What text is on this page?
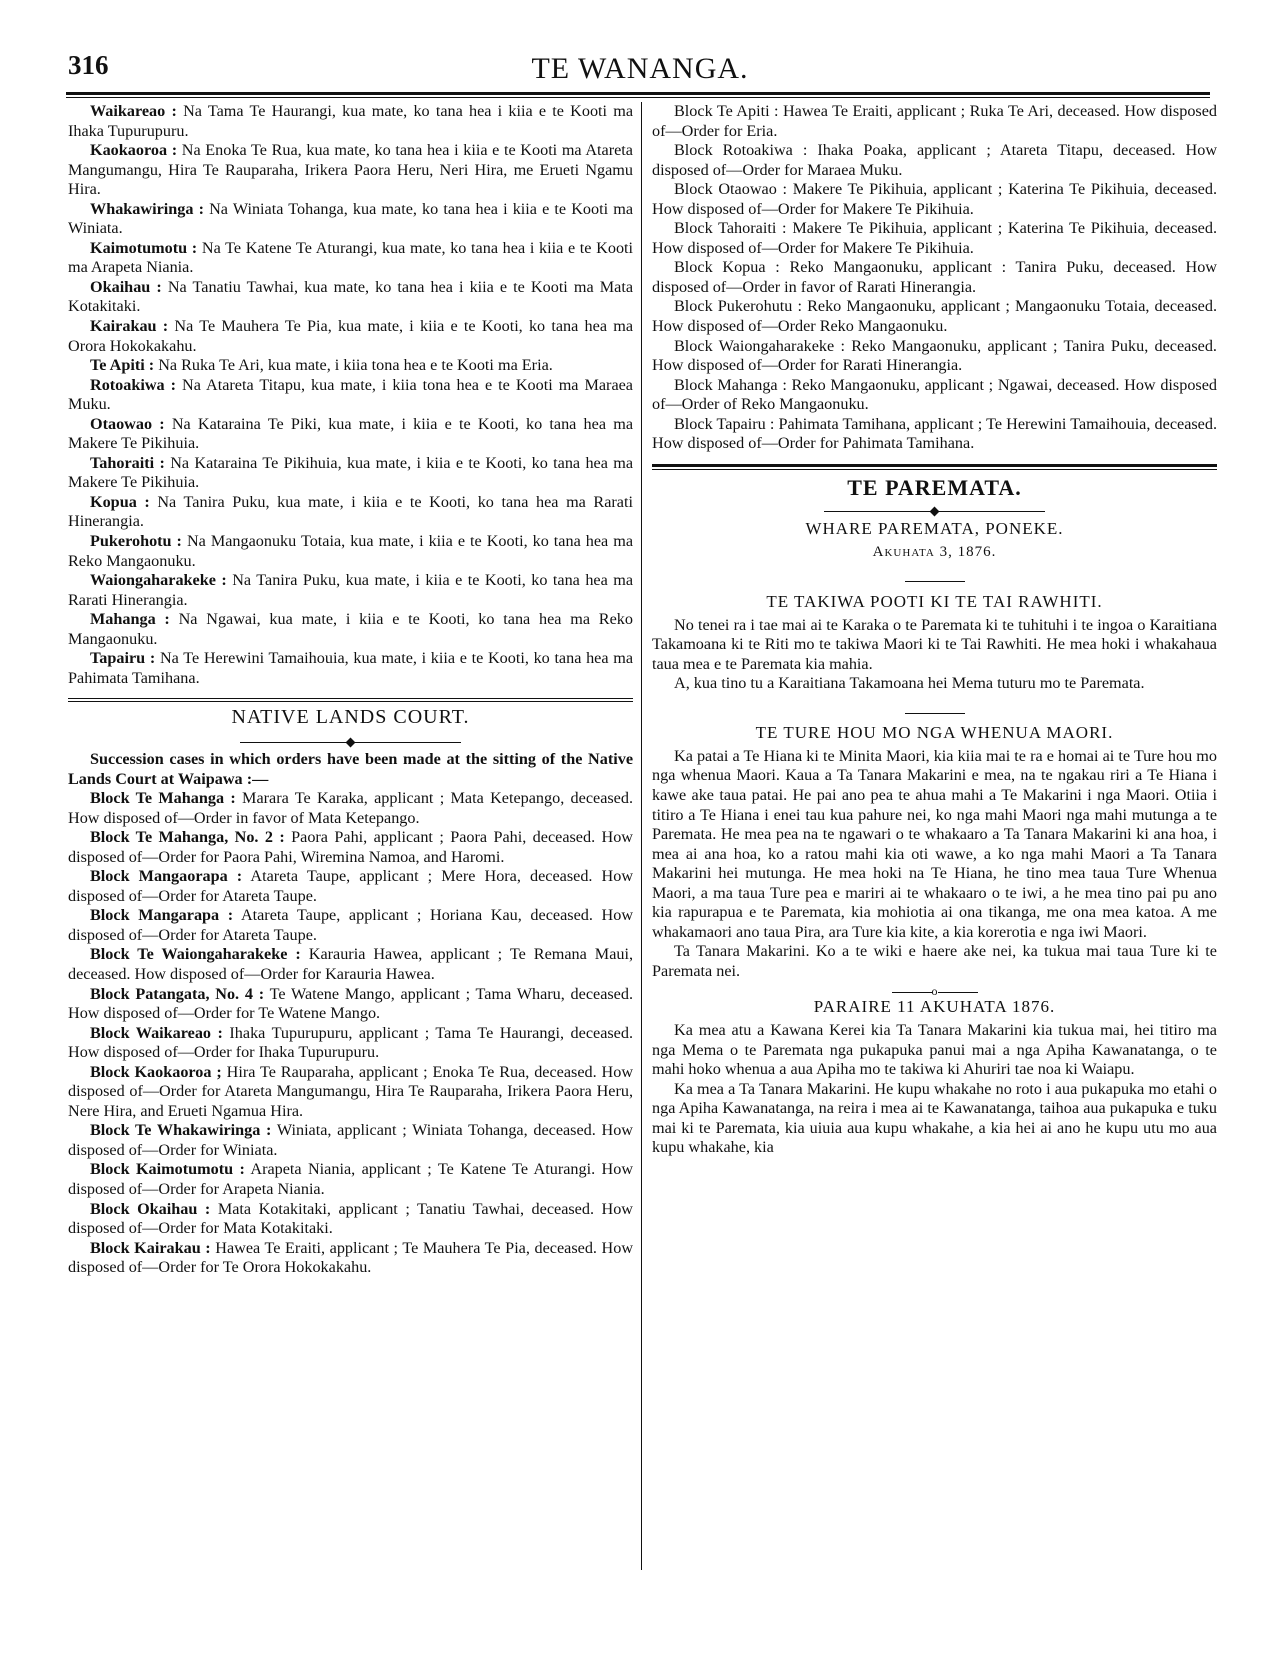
316	TE WANANGA.

Waikareao : Na Tama Te Haurangi, kua mate, ko tana hea i kiia e te Kooti ma Ihaka Tupurupuru.

Kaokaoroa : Na Enoka Te Rua, kua mate, ko tana hea i kiia e te Kooti ma Atareta Mangumangu, Hira Te Rauparaha, Irikera Paora Heru, Neri Hira, me Erueti Ngamu Hira.

Whakawiringa : Na Winiata Tohanga, kua mate, ko tana hea i kiia e te Kooti ma Winiata.

Kaimotumotu : Na Te Katene Te Aturangi, kua mate, ko tana hea i kiia e te Kooti ma Arapeta Niania.

Okaihau : Na Tanatiu Tawhai, kua mate, ko tana hea i kiia e te Kooti ma Mata Kotakitaki.

Kairakau : Na Te Mauhera Te Pia, kua mate, i kiia e te Kooti, ko tana hea ma Orora Hokokakahu.

Te Apiti : Na Ruka Te Ari, kua mate, i kiia tona hea e te Kooti ma Eria.

Rotoakiwa : Na Atareta Titapu, kua mate, i kiia tona hea e te Kooti ma Maraea Muku.

Otaowao : Na Kataraina Te Piki, kua mate, i kiia e te Kooti, ko tana hea ma Makere Te Pikihuia.

Tahoraiti : Na Kataraina Te Pikihuia, kua mate, i kiia e te Kooti, ko tana hea ma Makere Te Pikihuia.

Kopua : Na Tanira Puku, kua mate, i kiia e te Kooti, ko tana hea ma Rarati Hinerangia.

Pukerohotu : Na Mangaonuku Totaia, kua mate, i kiia e te Kooti, ko tana hea ma Reko Mangaonuku.

Waiongaharakeke : Na Tanira Puku, kua mate, i kiia e te Kooti, ko tana hea ma Rarati Hinerangia.

Mahanga : Na Ngawai, kua mate, i kiia e te Kooti, ko tana hea ma Reko Mangaonuku.

Tapairu : Na Te Herewini Tamaihouia, kua mate, i kiia e te Kooti, ko tana hea ma Pahimata Tamihana.

NATIVE LANDS COURT.

Succession cases in which orders have been made at the sitting of the Native Lands Court at Waipawa :—

Block Te Mahanga : Marara Te Karaka, applicant ; Mata Ketepango, deceased. How disposed of—Order in favor of Mata Ketepango.

Block Te Mahanga, No. 2 : Paora Pahi, applicant ; Paora Pahi, deceased. How disposed of—Order for Paora Pahi, Wiremina Namoa, and Haromi.

Block Mangaorapa : Atareta Taupe, applicant ; Mere Hora, deceased. How disposed of—Order for Atareta Taupe.

Block Mangarapa : Atareta Taupe, applicant ; Horiana Kau, deceased. How disposed of—Order for Atareta Taupe.

Block Te Waiongaharakeke : Karauria Hawea, applicant ; Te Remana Maui, deceased. How disposed of—Order for Karauria Hawea.

Block Patangata, No. 4 : Te Watene Mango, applicant ; Tama Wharu, deceased. How disposed of—Order for Te Watene Mango.

Block Waikareao : Ihaka Tupurupuru, applicant ; Tama Te Haurangi, deceased. How disposed of—Order for Ihaka Tupurupuru.

Block Kaokaoroa ; Hira Te Rauparaha, applicant ; Enoka Te Rua, deceased. How disposed of—Order for Atareta Mangumangu, Hira Te Rauparaha, Irikera Paora Heru, Nere Hira, and Erueti Ngamua Hira.

Block Te Whakawiringa : Winiata, applicant ; Winiata Tohanga, deceased. How disposed of—Order for Winiata.

Block Kaimotumotu : Arapeta Niania, applicant ; Te Katene Te Aturangi. How disposed of—Order for Arapeta Niania.

Block Okaihau : Mata Kotakitaki, applicant ; Tanatiu Tawhai, deceased. How disposed of—Order for Mata Kotakitaki.

Block Kairakau : Hawea Te Eraiti, applicant ; Te Mauhera Te Pia, deceased. How disposed of—Order for Te Orora Hokokakahu.

Block Te Apiti : Hawea Te Eraiti, applicant ; Ruka Te Ari, deceased. How disposed of—Order for Eria.

Block Rotoakiwa : Ihaka Poaka, applicant ; Atareta Titapu, deceased. How disposed of—Order for Maraea Muku.

Block Otaowao : Makere Te Pikihuia, applicant ; Katerina Te Pikihuia, deceased. How disposed of—Order for Makere Te Pikihuia.

Block Tahoraiti : Makere Te Pikihuia, applicant ; Katerina Te Pikihuia, deceased. How disposed of—Order for Makere Te Pikihuia.

Block Kopua : Reko Mangaonuku, applicant : Tanira Puku, deceased. How disposed of—Order in favor of Rarati Hinerangia.

Block Pukerohutu : Reko Mangaonuku, applicant ; Mangaonuku Totaia, deceased. How disposed of—Order Reko Mangaonuku.

Block Waiongaharakeke : Reko Mangaonuku, applicant ; Tanira Puku, deceased. How disposed of—Order for Rarati Hinerangia.

Block Mahanga : Reko Mangaonuku, applicant ; Ngawai, deceased. How disposed of—Order of Reko Mangaonuku.

Block Tapairu : Pahimata Tamihana, applicant ; Te Herewini Tamaihouia, deceased. How disposed of—Order for Pahimata Tamihana.

TE PAREMATA.
WHARE PAREMATA, PONEKE.
Akuhata 3, 1876.
TE TAKIWA POOTI KI TE TAI RAWHITI.

No tenei ra i tae mai ai te Karaka o te Paremata ki te tuhituhi i te ingoa o Karaitiana Takamoana ki te Riti mo te takiwa Maori ki te Tai Rawhiti. He mea hoki i whakahaua taua mea e te Paremata kia mahia.

A, kua tino tu a Karaitiana Takamoana hei Mema tuturu mo te Paremata.

TE TURE HOU MO NGA WHENUA MAORI.

Ka patai a Te Hiana ki te Minita Maori, kia kiia mai te ra e homai ai te Ture hou mo nga whenua Maori. Kaua a Ta Tanara Makarini e mea, na te ngakau riri a Te Hiana i kawe ake taua patai. He pai ano pea te ahua mahi a Te Makarini i nga Maori. Otiia i titiro a Te Hiana i enei tau kua pahure nei, ko nga mahi Maori nga mahi mutunga a te Paremata. He mea pea na te ngawari o te whakaaro a Ta Tanara Makarini ki ana hoa, i mea ai ana hoa, ko a ratou mahi kia oti wawe, a ko nga mahi Maori a Ta Tanara Makarini hei mutunga. He mea hoki na Te Hiana, he tino mea taua Ture Whenua Maori, a ma taua Ture pea e mariri ai te whakaaro o te iwi, a he mea tino pai pu ano kia rapurapua e te Paremata, kia mohiotia ai ona tikanga, me ona mea katoa. A me whakamaori ano taua Pira, ara Ture kia kite, a kia korerotia e nga iwi Maori.

Ta Tanara Makarini. Ko a te wiki e haere ake nei, ka tukua mai taua Ture ki te Paremata nei.

o
PARAIRE 11 AKUHATA 1876.

Ka mea atu a Kawana Kerei kia Ta Tanara Makarini kia tukua mai, hei titiro ma nga Mema o te Paremata nga pukapuka panui mai a nga Apiha Kawanatanga, o te mahi hoko whenua a aua Apiha mo te takiwa ki Ahuriri tae noa ki Waiapu.

Ka mea a Ta Tanara Makarini. He kupu whakahe no roto i aua pukapuka mo etahi o nga Apiha Kawanatanga, na reira i mea ai te Kawanatanga, taihoa aua pukapuka e tuku mai ki te Paremata, kia uiuia aua kupu whakahe, a kia hei ai ano he kupu utu mo aua kupu whakahe, kia
